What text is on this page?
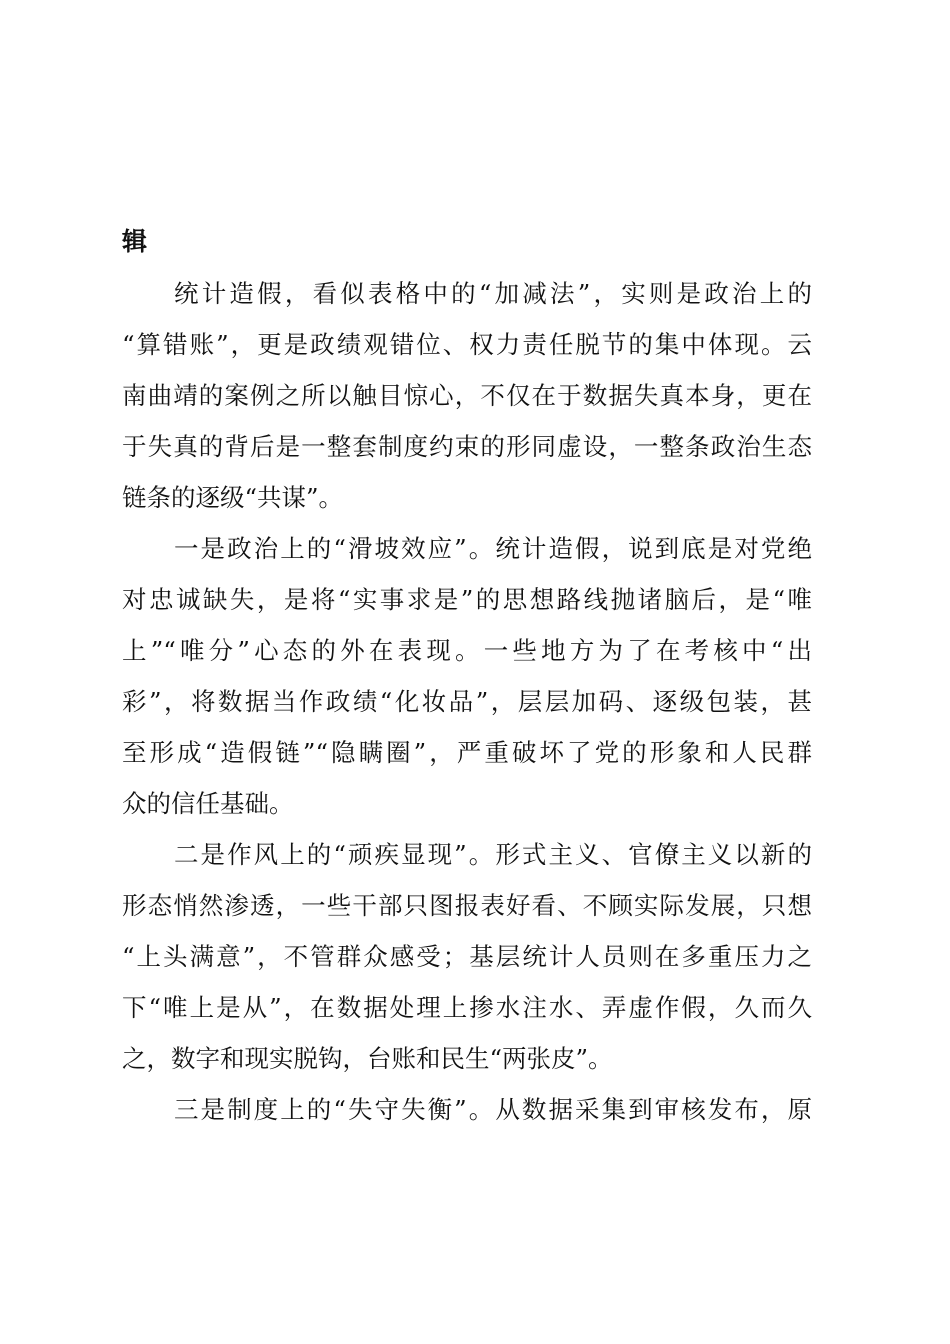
辑
统计造假，看似表格中的“加减法”，实则是政治上的
“算错账”，更是政绩观错位、权力责任脱节的集中体现。云
南曲靖的案例之所以触目惊心，不仅在于数据失真本身，更在
于失真的背后是一整套制度约束的形同虚设，一整条政治生态
链条的逐级“共谋”。
一是政治上的“滑坡效应”。统计造假，说到底是对党绝
对忠诚缺失，是将“实事求是”的思想路线抛诸脑后，是“唯
上”“唯分”心态的外在表现。一些地方为了在考核中“出
彩”，将数据当作政绩“化妆品”，层层加码、逐级包装，甚
至形成“造假链”“隐瞒圈”，严重破坏了党的形象和人民群
众的信任基础。
二是作风上的“顽疾显现”。形式主义、官僚主义以新的
形态悄然渗透，一些干部只图报表好看、不顾实际发展，只想
“上头满意”，不管群众感受；基层统计人员则在多重压力之
下“唯上是从”，在数据处理上掺水注水、弄虚作假，久而久
之，数字和现实脱钩，台账和民生“两张皮”。
三是制度上的“失守失衡”。从数据采集到审核发布，原
